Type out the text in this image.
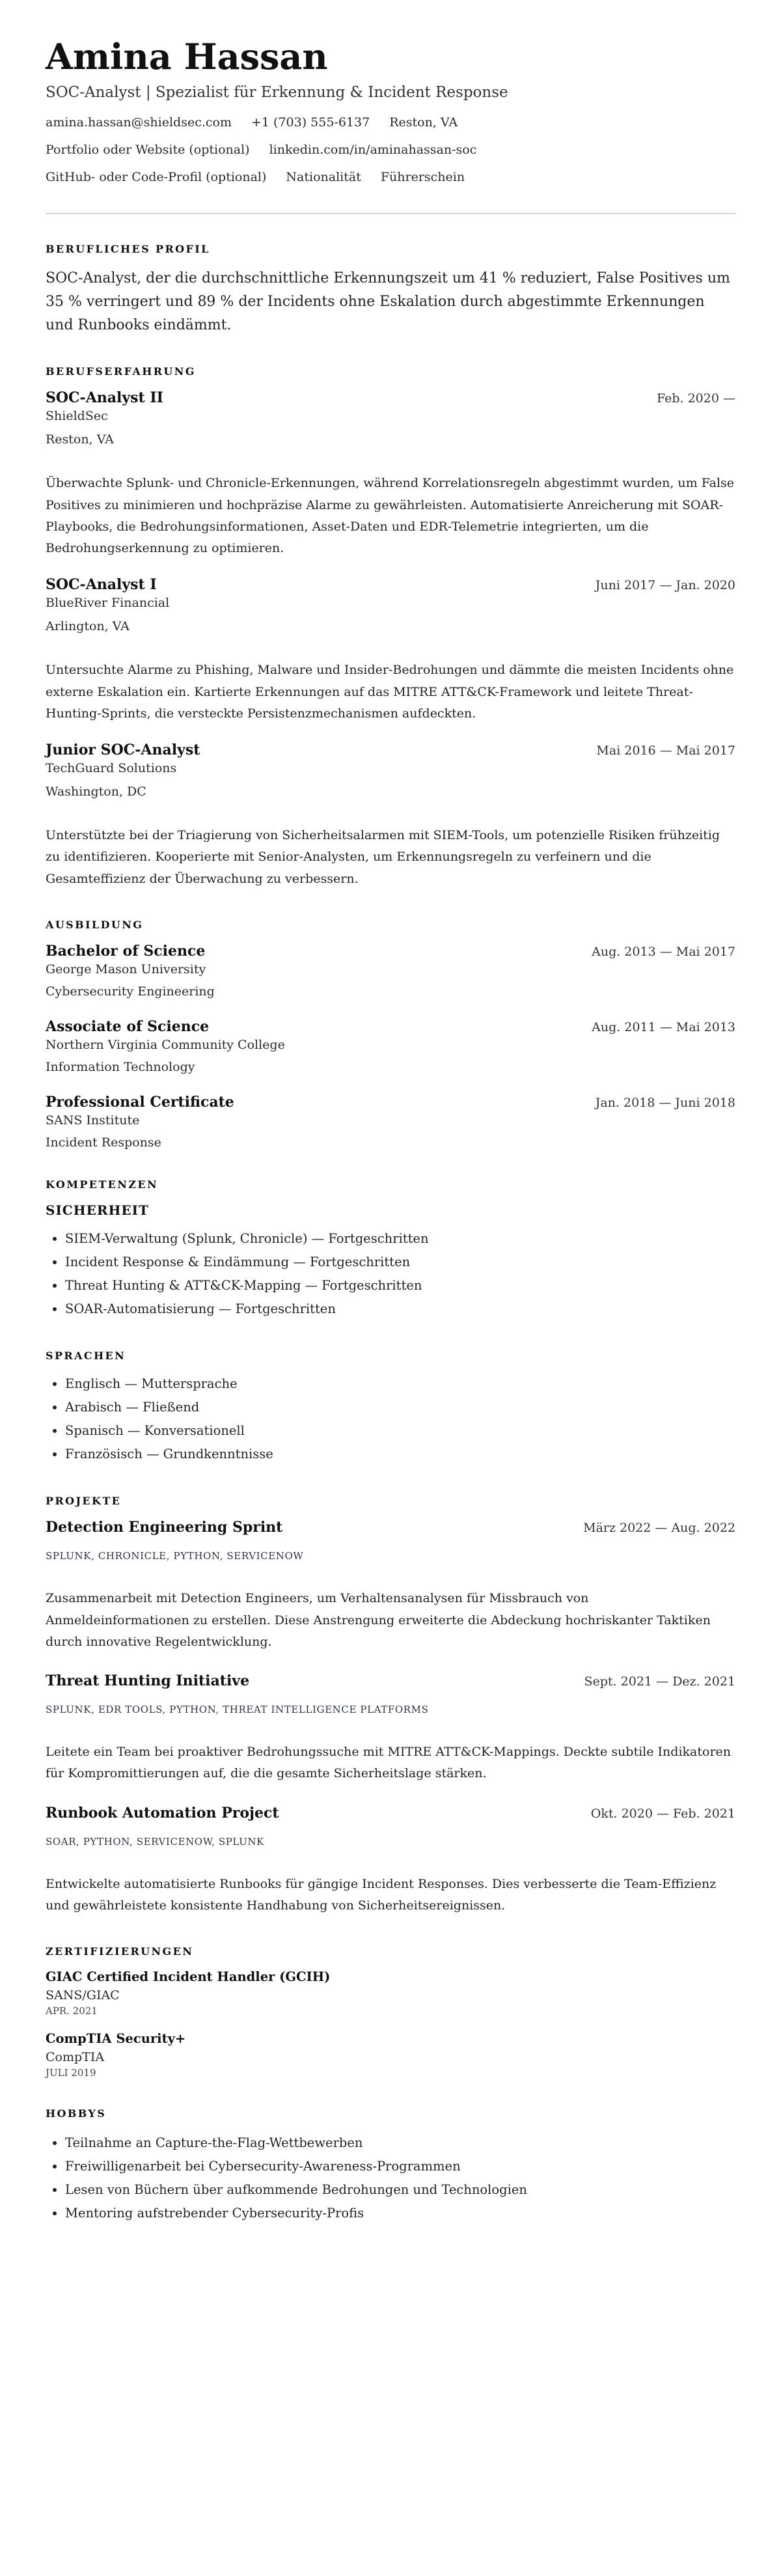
Amina Hassan
SOC-Analyst | Spezialist für Erkennung & Incident Response
amina.hassan@shieldsec.com +1 (703) 555-6137 Reston, VA
Portfolio oder Website (optional) linkedin.com/in/aminahassan-soc
GitHub- oder Code-Profil (optional) Nationalität Führerschein
BERUFLICHES PROFIL
SOC-Analyst, der die durchschnittliche Erkennungszeit um 41 % reduziert, False Positives um 35 % verringert und 89 % der Incidents ohne Eskalation durch abgestimmte Erkennungen und Runbooks eindämmt.
BERUFSERFAHRUNG
SOC-Analyst II	Feb. 2020 —
ShieldSec
Reston, VA
Überwachte Splunk- und Chronicle-Erkennungen, während Korrelationsregeln abgestimmt wurden, um False Positives zu minimieren und hochpräzise Alarme zu gewährleisten. Automatisierte Anreicherung mit SOAR-Playbooks, die Bedrohungsinformationen, Asset-Daten und EDR-Telemetrie integrierten, um die Bedrohungserkennung zu optimieren.
SOC-Analyst I	Juni 2017 — Jan. 2020
BlueRiver Financial
Arlington, VA
Untersuchte Alarme zu Phishing, Malware und Insider-Bedrohungen und dämmte die meisten Incidents ohne externe Eskalation ein. Kartierte Erkennungen auf das MITRE ATT&CK-Framework und leitete Threat-Hunting-Sprints, die versteckte Persistenzmechanismen aufdeckten.
Junior SOC-Analyst	Mai 2016 — Mai 2017
TechGuard Solutions
Washington, DC
Unterstützte bei der Triagierung von Sicherheitsalarmen mit SIEM-Tools, um potenzielle Risiken frühzeitig zu identifizieren. Kooperierte mit Senior-Analysten, um Erkennungsregeln zu verfeinern und die Gesamteffizienz der Überwachung zu verbessern.
AUSBILDUNG
Bachelor of Science	Aug. 2013 — Mai 2017
George Mason University
Cybersecurity Engineering
Associate of Science	Aug. 2011 — Mai 2013
Northern Virginia Community College
Information Technology
Professional Certificate	Jan. 2018 — Juni 2018
SANS Institute
Incident Response
KOMPETENZEN
SICHERHEIT
• SIEM-Verwaltung (Splunk, Chronicle) — Fortgeschritten
• Incident Response & Eindämmung — Fortgeschritten
• Threat Hunting & ATT&CK-Mapping — Fortgeschritten
• SOAR-Automatisierung — Fortgeschritten
SPRACHEN
• Englisch — Muttersprache
• Arabisch — Fließend
• Spanisch — Konversationell
• Französisch — Grundkenntnisse
PROJEKTE
Detection Engineering Sprint	März 2022 — Aug. 2022
SPLUNK, CHRONICLE, PYTHON, SERVICENOW
Zusammenarbeit mit Detection Engineers, um Verhaltensanalysen für Missbrauch von Anmeldeinformationen zu erstellen. Diese Anstrengung erweiterte die Abdeckung hochriskanter Taktiken durch innovative Regelentwicklung.
Threat Hunting Initiative	Sept. 2021 — Dez. 2021
SPLUNK, EDR TOOLS, PYTHON, THREAT INTELLIGENCE PLATFORMS
Leitete ein Team bei proaktiver Bedrohungssuche mit MITRE ATT&CK-Mappings. Deckte subtile Indikatoren für Kompromittierungen auf, die die gesamte Sicherheitslage stärken.
Runbook Automation Project	Okt. 2020 — Feb. 2021
SOAR, PYTHON, SERVICENOW, SPLUNK
Entwickelte automatisierte Runbooks für gängige Incident Responses. Dies verbesserte die Team-Effizienz und gewährleistete konsistente Handhabung von Sicherheitsereignissen.
ZERTIFIZIERUNGEN
GIAC Certified Incident Handler (GCIH)
SANS/GIAC
APR. 2021
CompTIA Security+
CompTIA
JULI 2019
HOBBYS
• Teilnahme an Capture-the-Flag-Wettbewerben
• Freiwilligenarbeit bei Cybersecurity-Awareness-Programmen
• Lesen von Büchern über aufkommende Bedrohungen und Technologien
• Mentoring aufstrebender Cybersecurity-Profis
